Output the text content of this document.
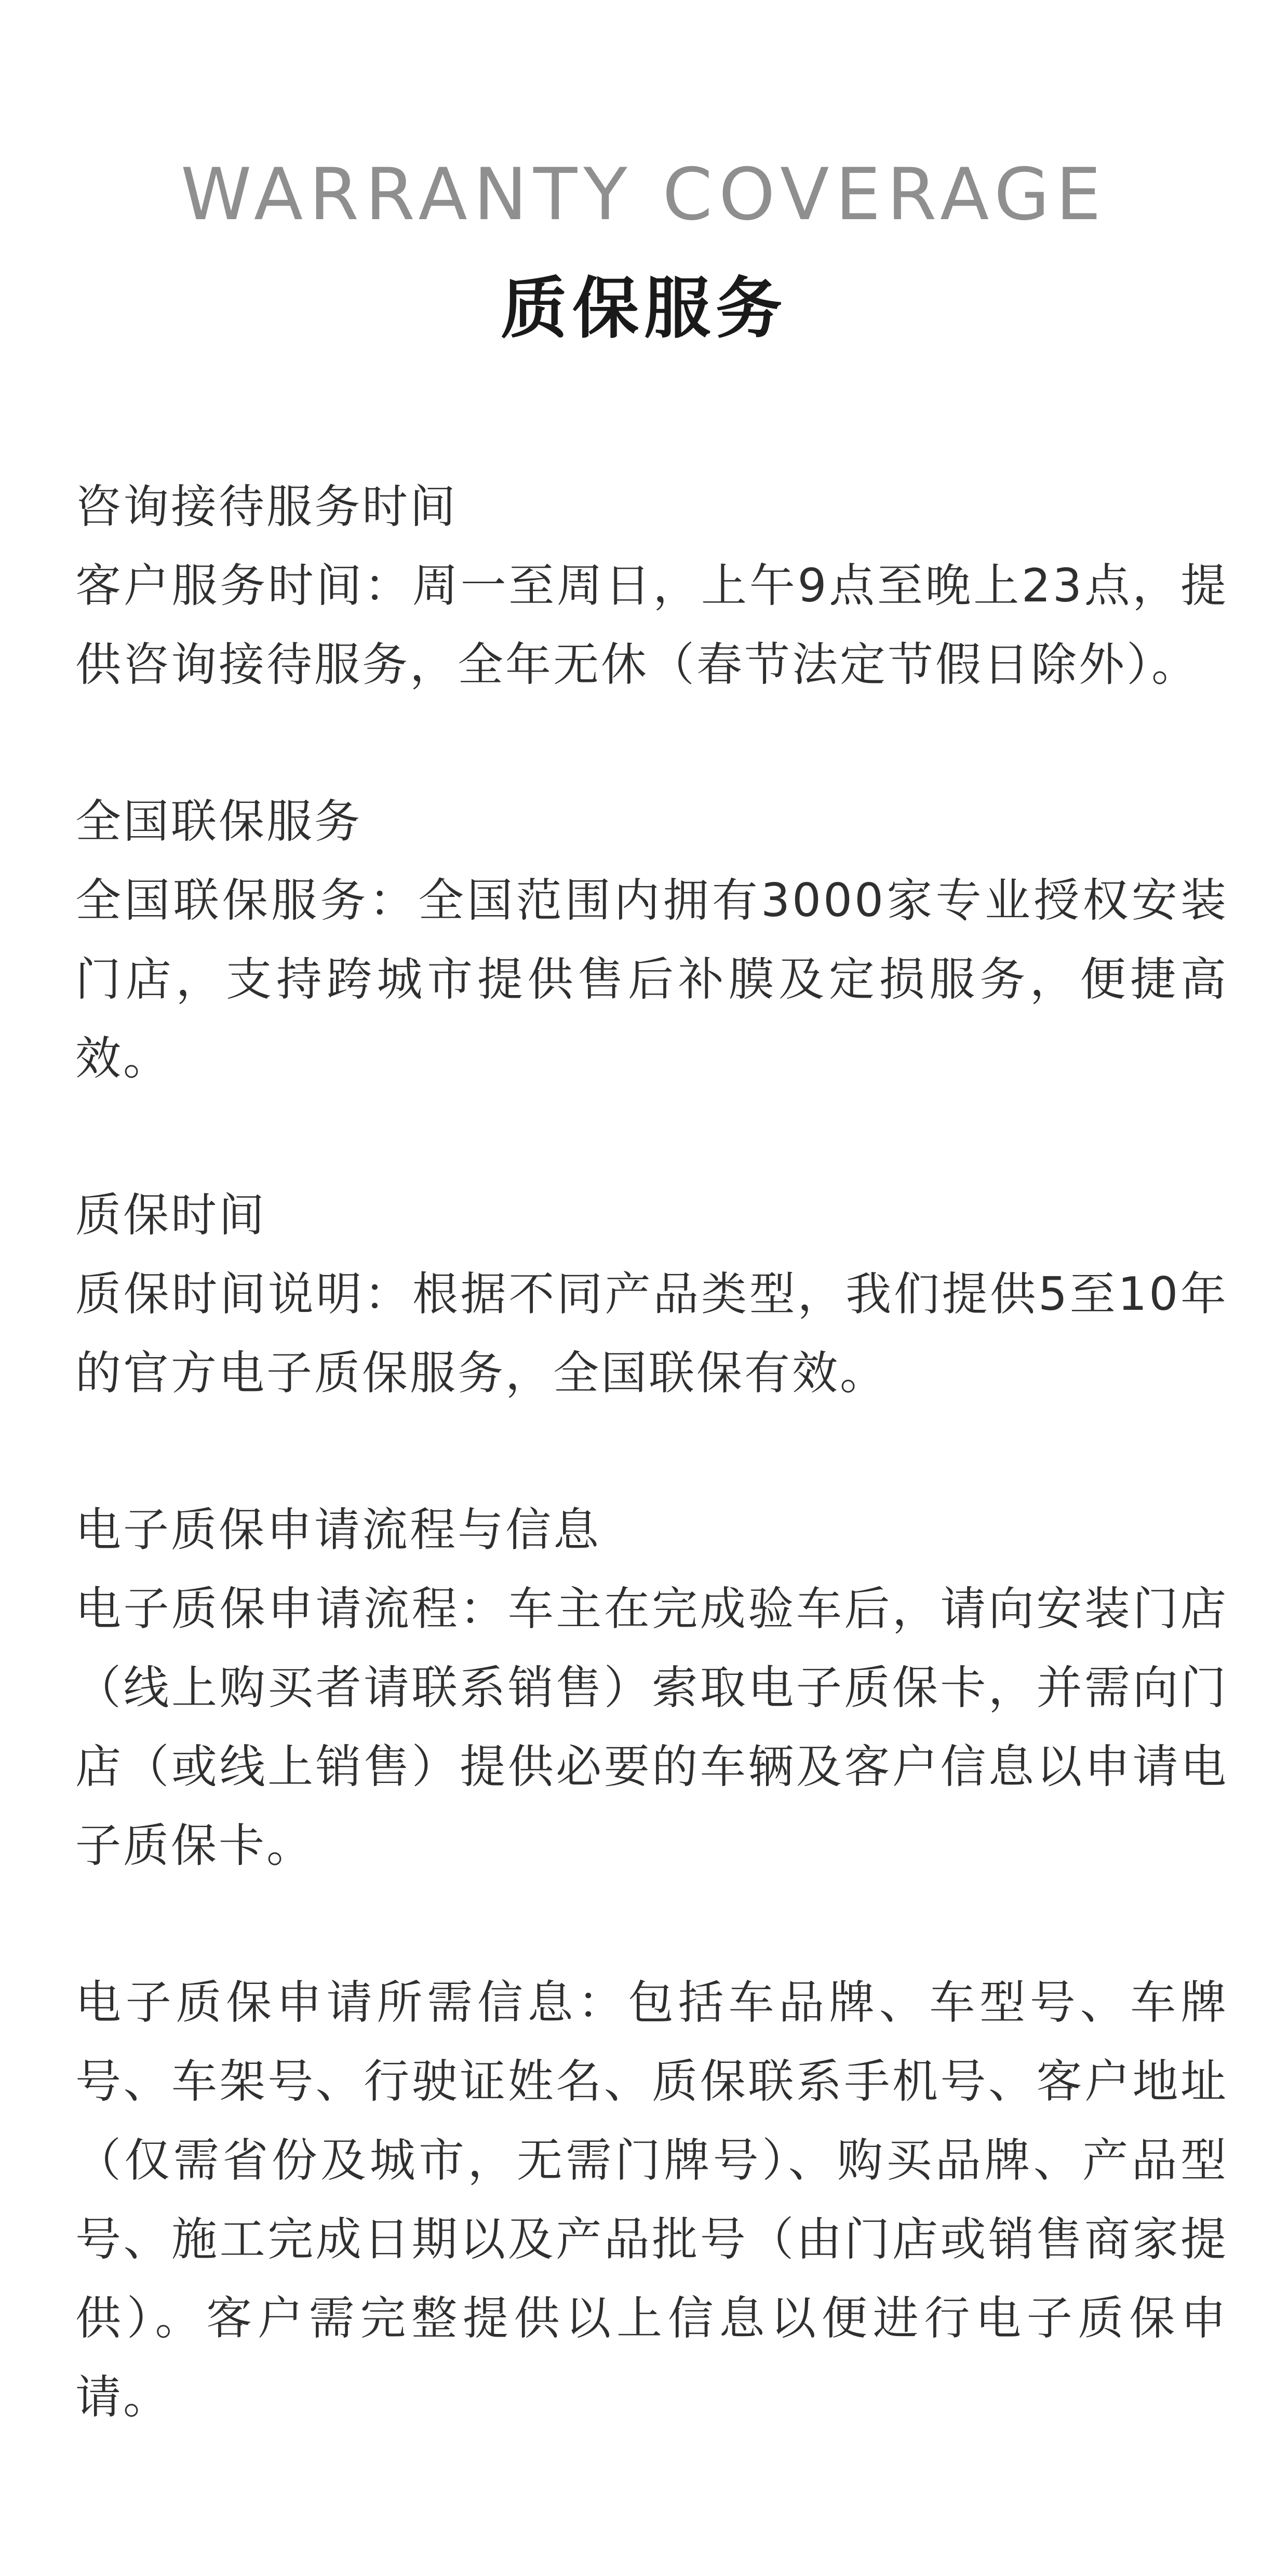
WARRANTY COVERAGE
质保服务
咨询接待服务时间
客户服务时间：周一至周日，上午9点至晚上23点，提供咨询接待服务，全年无休（春节法定节假日除外）。
全国联保服务
全国联保服务：全国范围内拥有3000家专业授权安装门店，支持跨城市提供售后补膜及定损服务，便捷高效。
质保时间
质保时间说明：根据不同产品类型，我们提供5至10年的官方电子质保服务，全国联保有效。
电子质保申请流程与信息
电子质保申请流程：车主在完成验车后，请向安装门店（线上购买者请联系销售）索取电子质保卡，并需向门店（或线上销售）提供必要的车辆及客户信息以申请电子质保卡。
电子质保申请所需信息：包括车品牌、车型号、车牌号、车架号、行驶证姓名、质保联系手机号、客户地址（仅需省份及城市，无需门牌号）、购买品牌、产品型号、施工完成日期以及产品批号（由门店或销售商家提供）。客户需完整提供以上信息以便进行电子质保申请。
